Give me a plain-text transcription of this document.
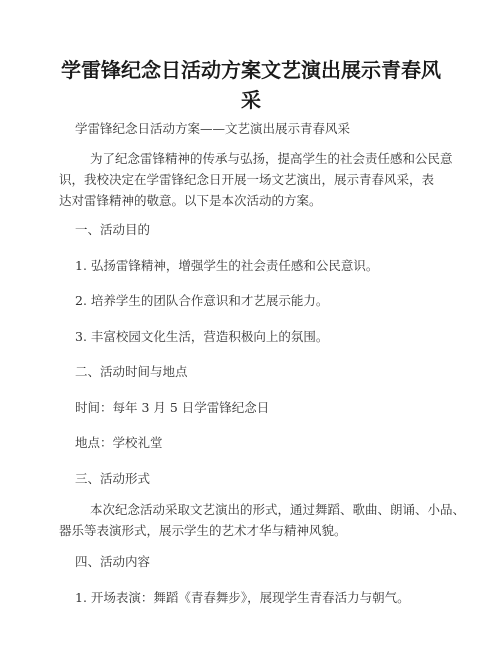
学雷锋纪念日活动方案文艺演出展示青春风采

学雷锋纪念日活动方案——文艺演出展示青春风采

为了纪念雷锋精神的传承与弘扬，提高学生的社会责任感和公民意
识，我校决定在学雷锋纪念日开展一场文艺演出，展示青春风采，表
达对雷锋精神的敬意。以下是本次活动的方案。

一、活动目的

1. 弘扬雷锋精神，增强学生的社会责任感和公民意识。

2. 培养学生的团队合作意识和才艺展示能力。

3. 丰富校园文化生活，营造积极向上的氛围。

二、活动时间与地点

时间：每年 3 月 5 日学雷锋纪念日

地点：学校礼堂

三、活动形式

本次纪念活动采取文艺演出的形式，通过舞蹈、歌曲、朗诵、小品、
器乐等表演形式，展示学生的艺术才华与精神风貌。

四、活动内容

1. 开场表演：舞蹈《青春舞步》，展现学生青春活力与朝气。
